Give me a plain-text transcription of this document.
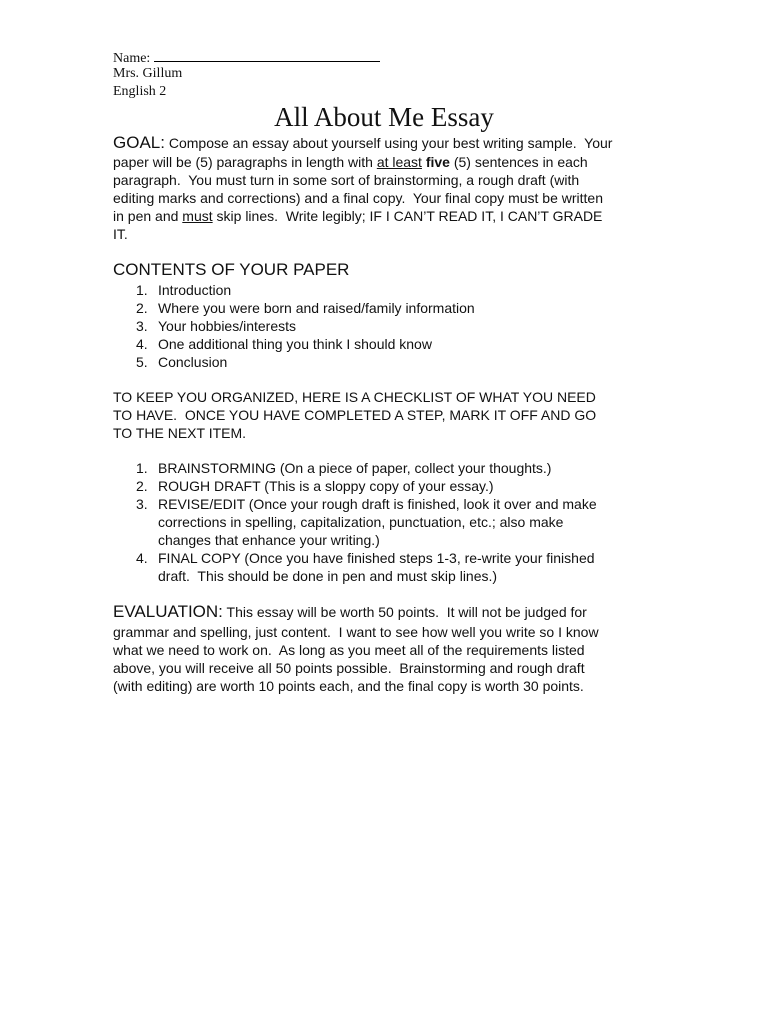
Name:
Mrs. Gillum
English 2
All About Me Essay
GOAL: Compose an essay about yourself using your best writing sample.  Your
paper will be (5) paragraphs in length with at least five (5) sentences in each
paragraph.  You must turn in some sort of brainstorming, a rough draft (with
editing marks and corrections) and a final copy.  Your final copy must be written
in pen and must skip lines.  Write legibly; IF I CAN’T READ IT, I CAN’T GRADE
IT.
CONTENTS OF YOUR PAPER
1. Introduction
2. Where you were born and raised/family information
3. Your hobbies/interests
4. One additional thing you think I should know
5. Conclusion
TO KEEP YOU ORGANIZED, HERE IS A CHECKLIST OF WHAT YOU NEED
TO HAVE.  ONCE YOU HAVE COMPLETED A STEP, MARK IT OFF AND GO
TO THE NEXT ITEM.
1. BRAINSTORMING (On a piece of paper, collect your thoughts.)
2. ROUGH DRAFT (This is a sloppy copy of your essay.)
3. REVISE/EDIT (Once your rough draft is finished, look it over and make
corrections in spelling, capitalization, punctuation, etc.; also make
changes that enhance your writing.)
4. FINAL COPY (Once you have finished steps 1-3, re-write your finished
draft.  This should be done in pen and must skip lines.)
EVALUATION: This essay will be worth 50 points.  It will not be judged for
grammar and spelling, just content.  I want to see how well you write so I know
what we need to work on.  As long as you meet all of the requirements listed
above, you will receive all 50 points possible.  Brainstorming and rough draft
(with editing) are worth 10 points each, and the final copy is worth 30 points.
